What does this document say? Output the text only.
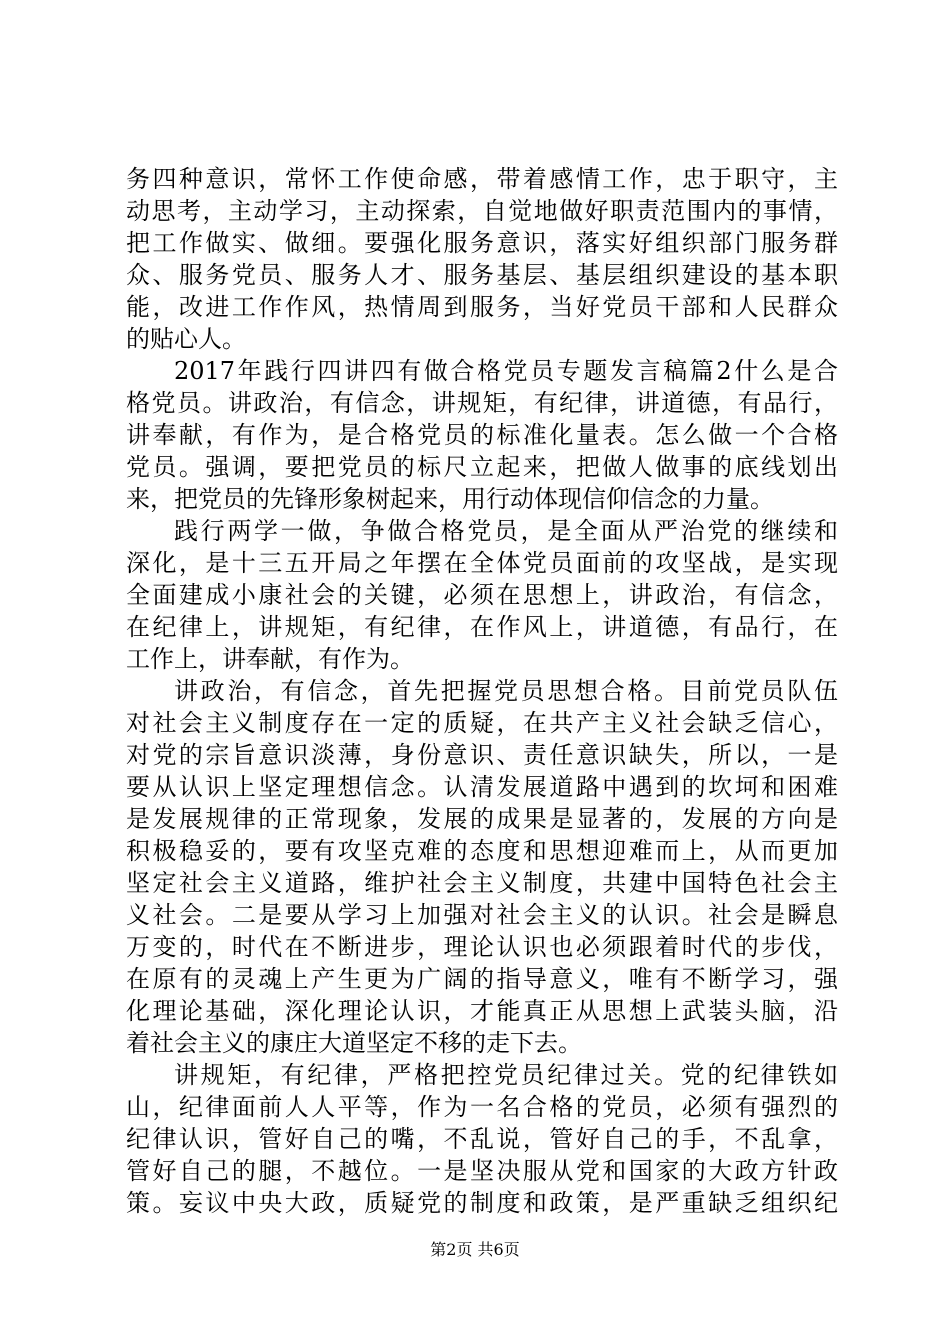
务四种意识，常怀工作使命感，带着感情工作，忠于职守，主
动思考，主动学习，主动探索，自觉地做好职责范围内的事情，
把工作做实、做细。要强化服务意识，落实好组织部门服务群
众、服务党员、服务人才、服务基层、基层组织建设的基本职
能，改进工作作风，热情周到服务，当好党员干部和人民群众
的贴心人。
2017年践行四讲四有做合格党员专题发言稿篇2什么是合
格党员。讲政治，有信念，讲规矩，有纪律，讲道德，有品行，
讲奉献，有作为，是合格党员的标准化量表。怎么做一个合格
党员。强调，要把党员的标尺立起来，把做人做事的底线划出
来，把党员的先锋形象树起来，用行动体现信仰信念的力量。
践行两学一做，争做合格党员，是全面从严治党的继续和
深化，是十三五开局之年摆在全体党员面前的攻坚战，是实现
全面建成小康社会的关键，必须在思想上，讲政治，有信念，
在纪律上，讲规矩，有纪律，在作风上，讲道德，有品行，在
工作上，讲奉献，有作为。
讲政治，有信念，首先把握党员思想合格。目前党员队伍
对社会主义制度存在一定的质疑，在共产主义社会缺乏信心，
对党的宗旨意识淡薄，身份意识、责任意识缺失，所以，一是
要从认识上坚定理想信念。认清发展道路中遇到的坎坷和困难
是发展规律的正常现象，发展的成果是显著的，发展的方向是
积极稳妥的，要有攻坚克难的态度和思想迎难而上，从而更加
坚定社会主义道路，维护社会主义制度，共建中国特色社会主
义社会。二是要从学习上加强对社会主义的认识。社会是瞬息
万变的，时代在不断进步，理论认识也必须跟着时代的步伐，
在原有的灵魂上产生更为广阔的指导意义，唯有不断学习，强
化理论基础，深化理论认识，才能真正从思想上武装头脑，沿
着社会主义的康庄大道坚定不移的走下去。
讲规矩，有纪律，严格把控党员纪律过关。党的纪律铁如
山，纪律面前人人平等，作为一名合格的党员，必须有强烈的
纪律认识，管好自己的嘴，不乱说，管好自己的手，不乱拿，
管好自己的腿，不越位。一是坚决服从党和国家的大政方针政
策。妄议中央大政，质疑党的制度和政策，是严重缺乏组织纪
第2页 共6页
